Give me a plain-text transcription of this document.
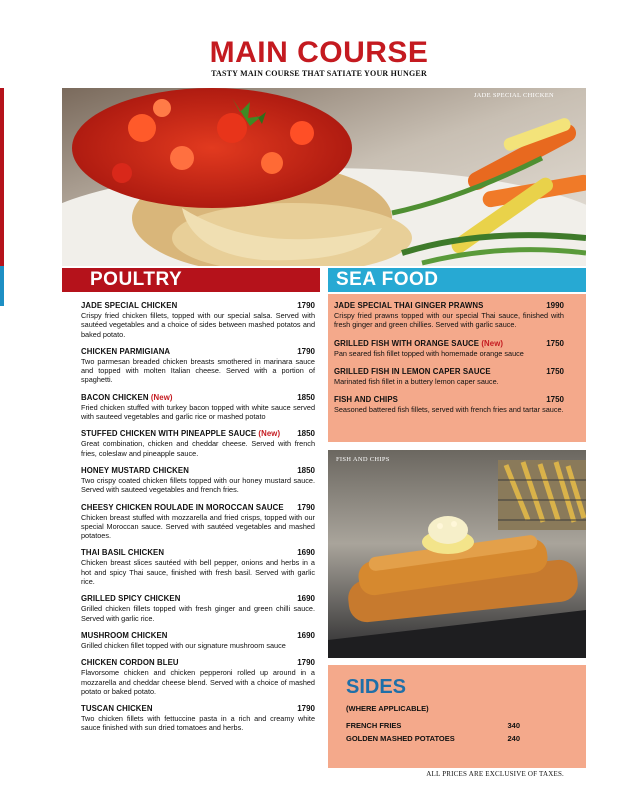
MAIN COURSE
TASTY MAIN COURSE THAT SATIATE YOUR HUNGER
JADE SPECIAL CHICKEN
POULTRY	SEA FOOD
JADE SPECIAL CHICKEN	1790
Crispy fried chicken fillets, topped with our special salsa. Served with sautéed vegetables and a choice of sides between mashed potatos and baked potato.
CHICKEN PARMIGIANA	1790
Two parmesan breaded chicken breasts smothered in marinara sauce and topped with molten Italian cheese. Served with a portion of spaghetti.
BACON CHICKEN (New)	1850
Fried chicken stuffed with turkey bacon topped with white sauce served with sauteed vegetables and garlic rice or mashed potato
STUFFED CHICKEN WITH PINEAPPLE SAUCE (New) 1850
Great combination, chicken and cheddar cheese. Served with french fries, coleslaw and pineapple sauce.
HONEY MUSTARD CHICKEN	1850
Two crispy coated chicken fillets topped with our honey mustard sauce. Served with sauteed vegetables and french fries.
CHEESY CHICKEN ROULADE IN MOROCCAN SAUCE 1790
Chicken breast stuffed with mozzarella and fried crisps, topped with our special Moroccan sauce. Served with sautéed vegetables and mashed potatoes.
THAI BASIL CHICKEN	1690
Chicken breast slices sautéed with bell pepper, onions and herbs in a hot and spicy Thai sauce, finished with fresh basil. Served with garlic rice.
GRILLED SPICY CHICKEN	1690
Grilled chicken fillets topped with fresh ginger and green chilli sauce. Served with garlic rice.
MUSHROOM CHICKEN	1690
Grilled chicken fillet topped with our signature mushroom sauce
CHICKEN CORDON BLEU	1790
Flavorsome chicken and chicken pepperoni rolled up around in a mozzarella and cheddar cheese blend. Served with a choice of mashed potato or baked potato.
TUSCAN CHICKEN	1790
Two chicken fillets with fettuccine pasta in a rich and creamy white sauce finished with sun dried tomatoes and herbs.
JADE SPECIAL THAI GINGER PRAWNS	1990
Crispy fried prawns topped with our special Thai sauce, finished with fresh ginger and green chillies. Served with garlic sauce.
GRILLED FISH WITH ORANGE SAUCE (New)	1750
Pan seared fish fillet topped with homemade orange sauce
GRILLED FISH IN LEMON CAPER SAUCE	1750
Marinated fish fillet in a buttery lemon caper sauce.
FISH AND CHIPS	1750
Seasoned battered fish fillets, served with french fries and tartar sauce.
FISH AND CHIPS
SIDES
(WHERE APPLICABLE)
FRENCH FRIES	340
GOLDEN MASHED POTATOES	240
ALL PRICES ARE EXCLUSIVE OF TAXES.
